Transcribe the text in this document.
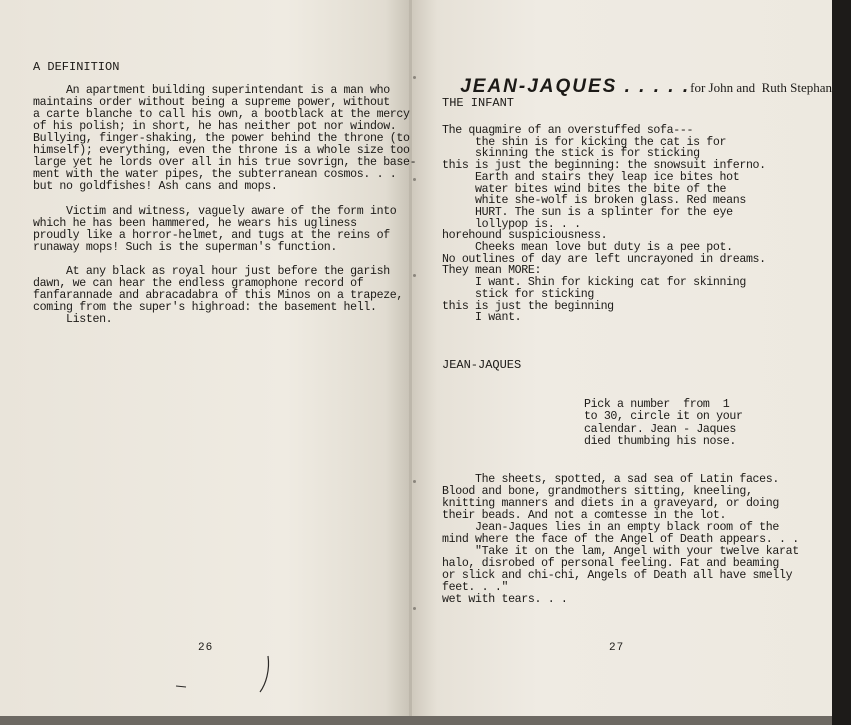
A DEFINITION
An apartment building superintendant is a man who
maintains order without being a supreme power, without
a carte blanche to call his own, a bootblack at the mercy
of his polish; in short, he has neither pot nor window.
Bullying, finger-shaking, the power behind the throne (to
himself); everything, even the throne is a whole size too
large yet he lords over all in his true sovrign, the base-
ment with the water pipes, the subterranean cosmos. . .
but no goldfishes! Ash cans and mops.
Victim and witness, vaguely aware of the form into
which he has been hammered, he wears his ugliness
proudly like a horror-helmet, and tugs at the reins of
runaway mops! Such is the superman's function.
At any black as royal hour just before the garish
dawn, we can hear the endless gramophone record of
fanfarannade and abracadabra of this Minos on a trapeze,
coming from the super's highroad: the basement hell.
Listen.
26

JEAN-JAQUES . . . . .for John and  Ruth Stephan

THE INFANT
The quagmire of an overstuffed sofa---
the shin is for kicking the cat is for
skinning the stick is for sticking
this is just the beginning: the snowsuit inferno.
Earth and stairs they leap ice bites hot
water bites wind bites the bite of the
white she-wolf is broken glass. Red means
HURT. The sun is a splinter for the eye
lollypop is. . .
horehound suspiciousness.
Cheeks mean love but duty is a pee pot.
No outlines of day are left uncrayoned in dreams.
They mean MORE:
I want. Shin for kicking cat for skinning
stick for sticking
this is just the beginning
I want.
JEAN-JAQUES
Pick a number  from  1
to 30, circle it on your
calendar. Jean - Jaques
died thumbing his nose.
The sheets, spotted, a sad sea of Latin faces.
Blood and bone, grandmothers sitting, kneeling,
knitting manners and diets in a graveyard, or doing
their beads. And not a comtesse in the lot.
Jean-Jaques lies in an empty black room of the
mind where the face of the Angel of Death appears. . .
"Take it on the lam, Angel with your twelve karat
halo, disrobed of personal feeling. Fat and beaming
or slick and chi-chi, Angels of Death all have smelly
feet. . ."
wet with tears. . .
27
